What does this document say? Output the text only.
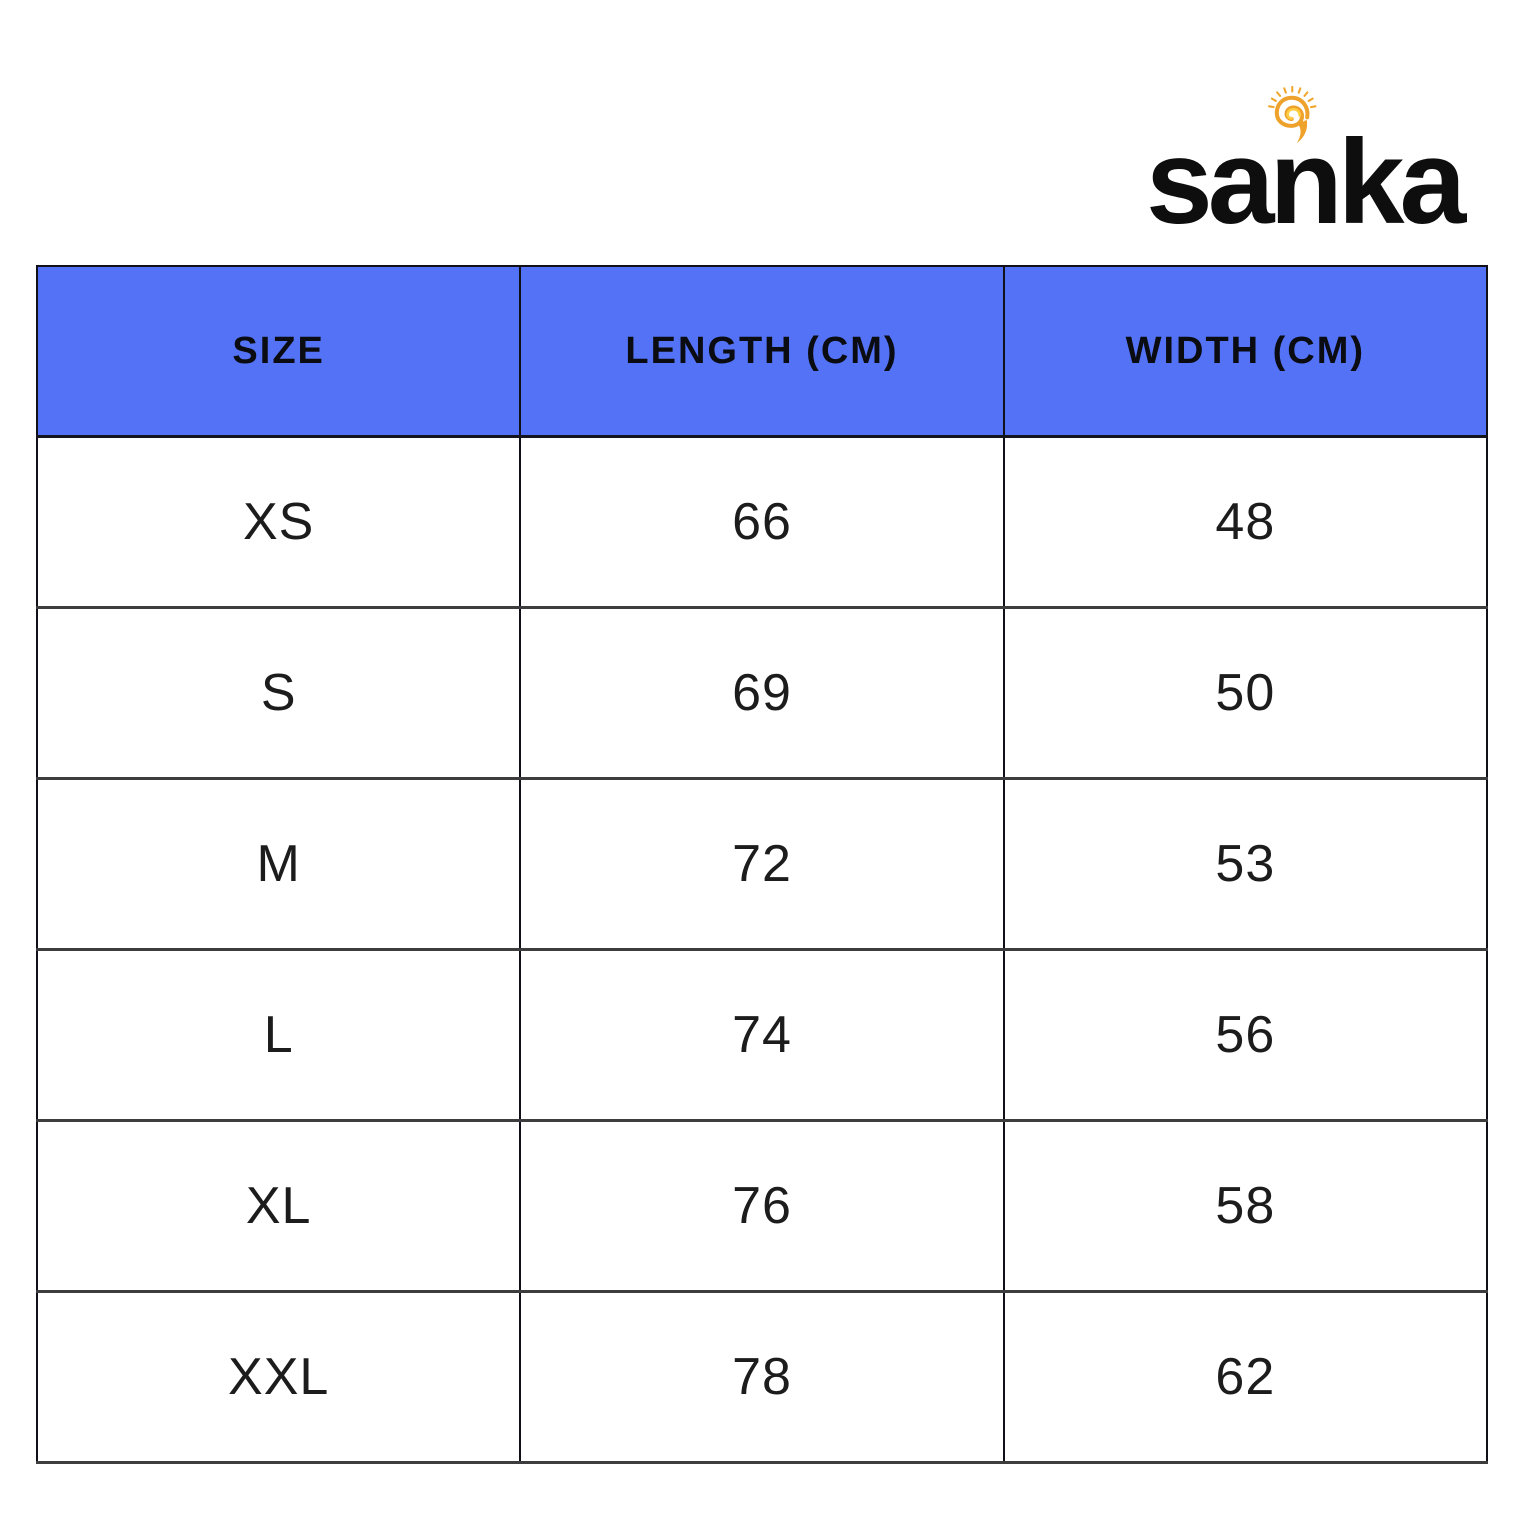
sanka
SIZE	LENGTH (CM)	WIDTH (CM)
XS	66	48
S	69	50
M	72	53
L	74	56
XL	76	58
XXL	78	62
